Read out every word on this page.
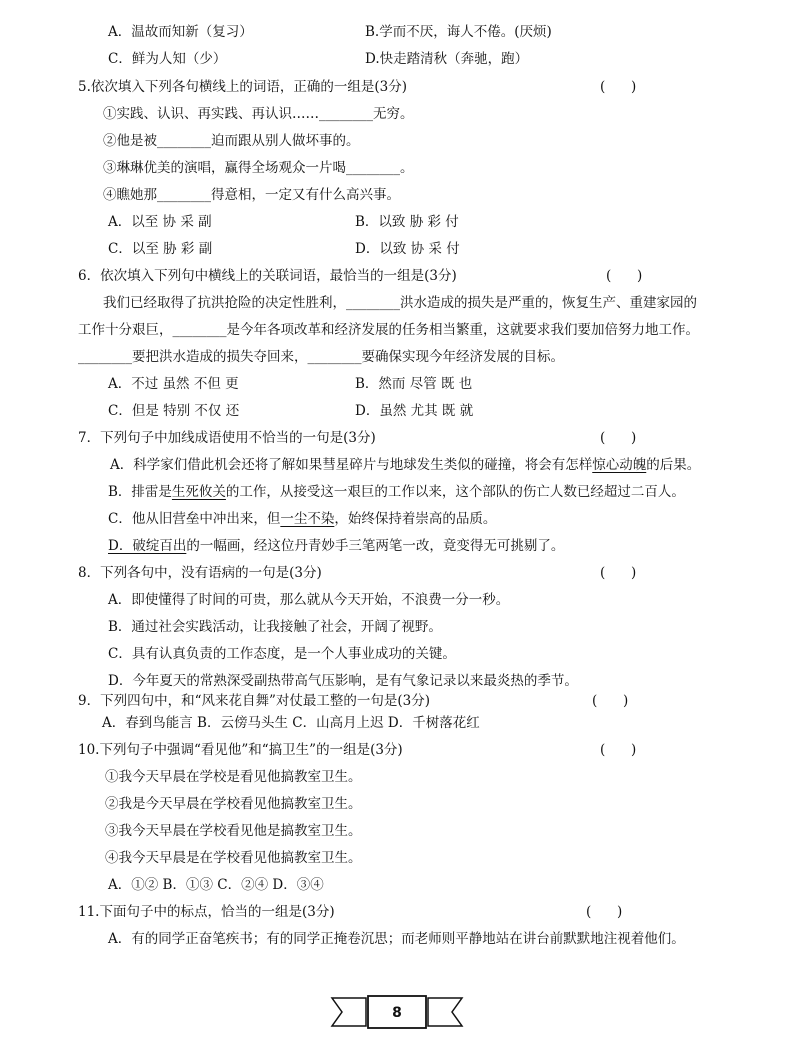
A．温故而知新（复习）	B.学而不厌，诲人不倦。(厌烦)
C．鲜为人知（少）	D.快走踏清秋（奔驰，跑）
5.依次填入下列各句横线上的词语，正确的一组是(3分)	(      )
①实践、认识、再实践、再认识……________无穷。
②他是被________迫而跟从别人做坏事的。
③琳琳优美的演唱，赢得全场观众一片喝________。
④瞧她那________得意相，一定又有什么高兴事。
A．以至 协 采 副	B．以致 胁 彩 付
C．以至 胁 彩 副	D．以致 协 采 付
6．依次填入下列句中横线上的关联词语，最恰当的一组是(3分)	(      )
我们已经取得了抗洪抢险的决定性胜利，________洪水造成的损失是严重的，恢复生产、重建家园的
工作十分艰巨，________是今年各项改革和经济发展的任务相当繁重，这就要求我们要加倍努力地工作。
________要把洪水造成的损失夺回来，________要确保实现今年经济发展的目标。
A．不过 虽然 不但 更	B．然而 尽管 既 也
C．但是 特别 不仅 还	D．虽然 尤其 既 就
7．下列句子中加线成语使用不恰当的一句是(3分)	(      )
A．科学家们借此机会还将了解如果彗星碎片与地球发生类似的碰撞，将会有怎样惊心动魄的后果。
B．排雷是生死攸关的工作，从接受这一艰巨的工作以来，这个部队的伤亡人数已经超过二百人。
C．他从旧营垒中冲出来，但一尘不染，始终保持着崇高的品质。
D．破绽百出的一幅画，经这位丹青妙手三笔两笔一改，竟变得无可挑剔了。
8．下列各句中，没有语病的一句是(3分)	(      )
A．即使懂得了时间的可贵，那么就从今天开始，不浪费一分一秒。
B．通过社会实践活动，让我接触了社会，开阔了视野。
C．具有认真负责的工作态度，是一个人事业成功的关键。
D．今年夏天的常熟深受副热带高气压影响，是有气象记录以来最炎热的季节。
9．下列四句中，和“风来花自舞”对仗最工整的一句是(3分)	(      )
A．春到鸟能言 B．云傍马头生 C．山高月上迟 D．千树落花红
10.下列句子中强调“看见他”和“搞卫生”的一组是(3分)	(      )
①我今天早晨在学校是看见他搞教室卫生。
②我是今天早晨在学校看见他搞教室卫生。
③我今天早晨在学校看见他是搞教室卫生。
④我今天早晨是在学校看见他搞教室卫生。
A．①② B．①③ C．②④ D．③④
11.下面句子中的标点，恰当的一组是(3分)	(      )
A．有的同学正奋笔疾书；有的同学正掩卷沉思；而老师则平静地站在讲台前默默地注视着他们。
8
